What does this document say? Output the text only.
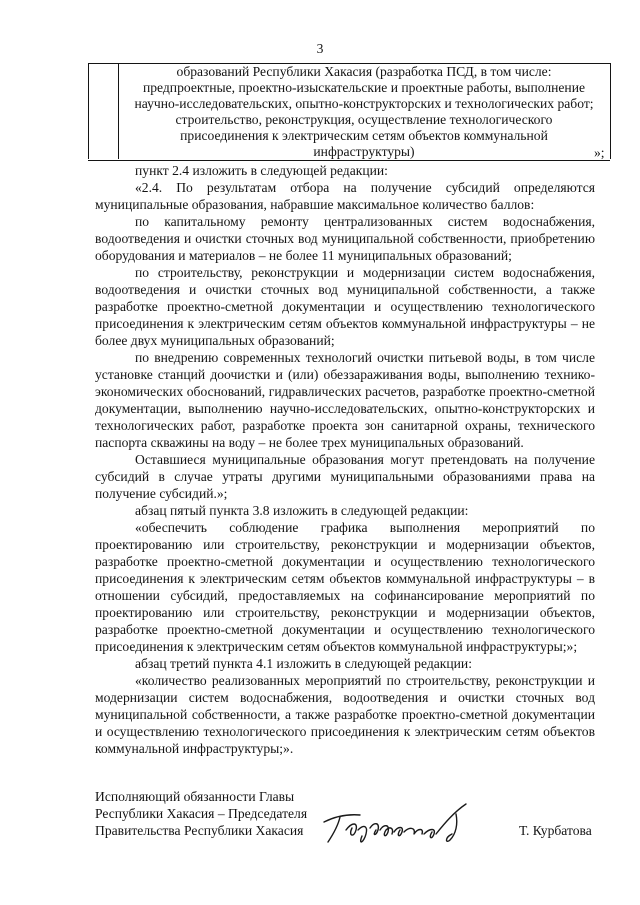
3
образований Республики Хакасия (разработка ПСД, в том числе:
предпроектные, проектно-изыскательские и проектные работы, выполнение
научно-исследовательских, опытно-конструкторских и технологических работ;
строительство, реконструкция, осуществление технологического
присоединения к электрическим сетям объектов коммунальной
инфраструктуры)	»;

пункт 2.4 изложить в следующей редакции:

«2.4. По результатам отбора на получение субсидий определяются муниципальные образования, набравшие максимальное количество баллов:

по капитальному ремонту централизованных систем водоснабжения, водоотведения и очистки сточных вод муниципальной собственности, приобретению оборудования и материалов – не более 11 муниципальных образований;

по строительству, реконструкции и модернизации систем водоснабжения, водоотведения и очистки сточных вод муниципальной собственности, а также разработке проектно-сметной документации и осуществлению технологического присоединения к электрическим сетям объектов коммунальной инфраструктуры – не более двух муниципальных образований;

по внедрению современных технологий очистки питьевой воды, в том числе установке станций доочистки и (или) обеззараживания воды, выполнению технико-экономических обоснований, гидравлических расчетов, разработке проектно-сметной документации, выполнению научно-исследовательских, опытно-конструкторских и технологических работ, разработке проекта зон санитарной охраны, технического паспорта скважины на воду – не более трех муниципальных образований.

Оставшиеся муниципальные образования могут претендовать на получение субсидий в случае утраты другими муниципальными образованиями права на получение субсидий.»;

абзац пятый пункта 3.8 изложить в следующей редакции:

«обеспечить соблюдение графика выполнения мероприятий по проектированию или строительству, реконструкции и модернизации объектов, разработке проектно-сметной документации и осуществлению технологического присоединения к электрическим сетям объектов коммунальной инфраструктуры – в отношении субсидий, предоставляемых на софинансирование мероприятий по проектированию или строительству, реконструкции и модернизации объектов, разработке проектно-сметной документации и осуществлению технологического присоединения к электрическим сетям объектов коммунальной инфраструктуры;»;

абзац третий пункта 4.1 изложить в следующей редакции:

«количество реализованных мероприятий по строительству, реконструкции и модернизации систем водоснабжения, водоотведения и очистки сточных вод муниципальной собственности, а также разработке проектно-сметной документации и осуществлению технологического присоединения к электрическим сетям объектов коммунальной инфраструктуры;».

Исполняющий обязанности Главы
Республики Хакасия – Председателя
Правительства Республики Хакасия	Т. Курбатова
